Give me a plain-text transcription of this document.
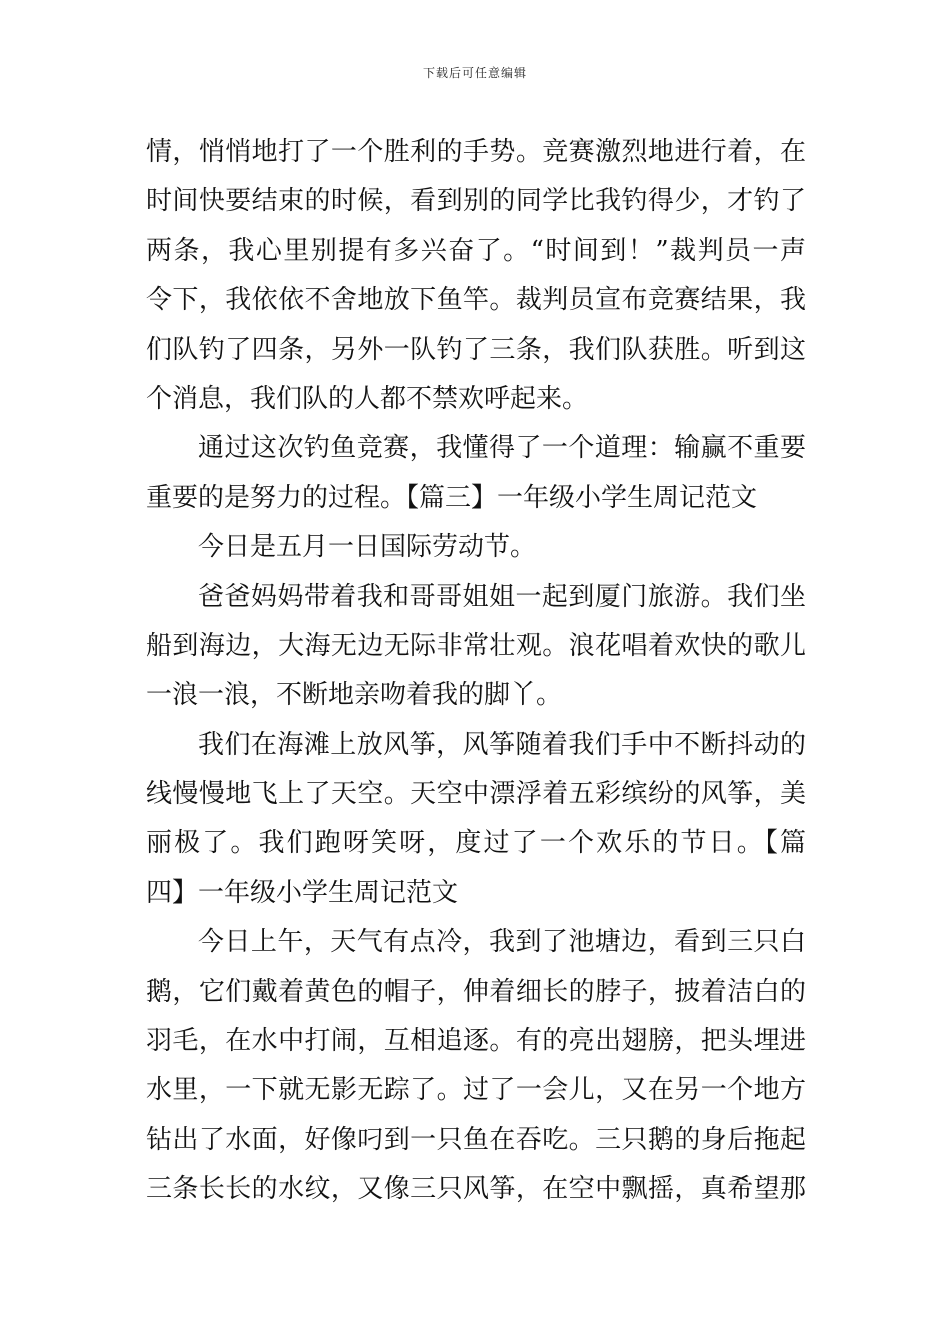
下载后可任意编辑
情，悄悄地打了一个胜利的手势。竞赛激烈地进行着，在
时间快要结束的时候，看到别的同学比我钓得少，才钓了
两条，我心里别提有多兴奋了。“时间到！”裁判员一声
令下，我依依不舍地放下鱼竿。裁判员宣布竞赛结果，我
们队钓了四条，另外一队钓了三条，我们队获胜。听到这
个消息，我们队的人都不禁欢呼起来。
通过这次钓鱼竞赛，我懂得了一个道理：输赢不重要
重要的是努力的过程。【篇三】一年级小学生周记范文
今日是五月一日国际劳动节。
爸爸妈妈带着我和哥哥姐姐一起到厦门旅游。我们坐
船到海边，大海无边无际非常壮观。浪花唱着欢快的歌儿
一浪一浪，不断地亲吻着我的脚丫。
我们在海滩上放风筝，风筝随着我们手中不断抖动的
线慢慢地飞上了天空。天空中漂浮着五彩缤纷的风筝，美
丽极了。我们跑呀笑呀，度过了一个欢乐的节日。【篇
四】一年级小学生周记范文
今日上午，天气有点冷，我到了池塘边，看到三只白
鹅，它们戴着黄色的帽子，伸着细长的脖子，披着洁白的
羽毛，在水中打闹，互相追逐。有的亮出翅膀，把头埋进
水里，一下就无影无踪了。过了一会儿，又在另一个地方
钻出了水面，好像叼到一只鱼在吞吃。三只鹅的身后拖起
三条长长的水纹，又像三只风筝，在空中飘摇，真希望那
